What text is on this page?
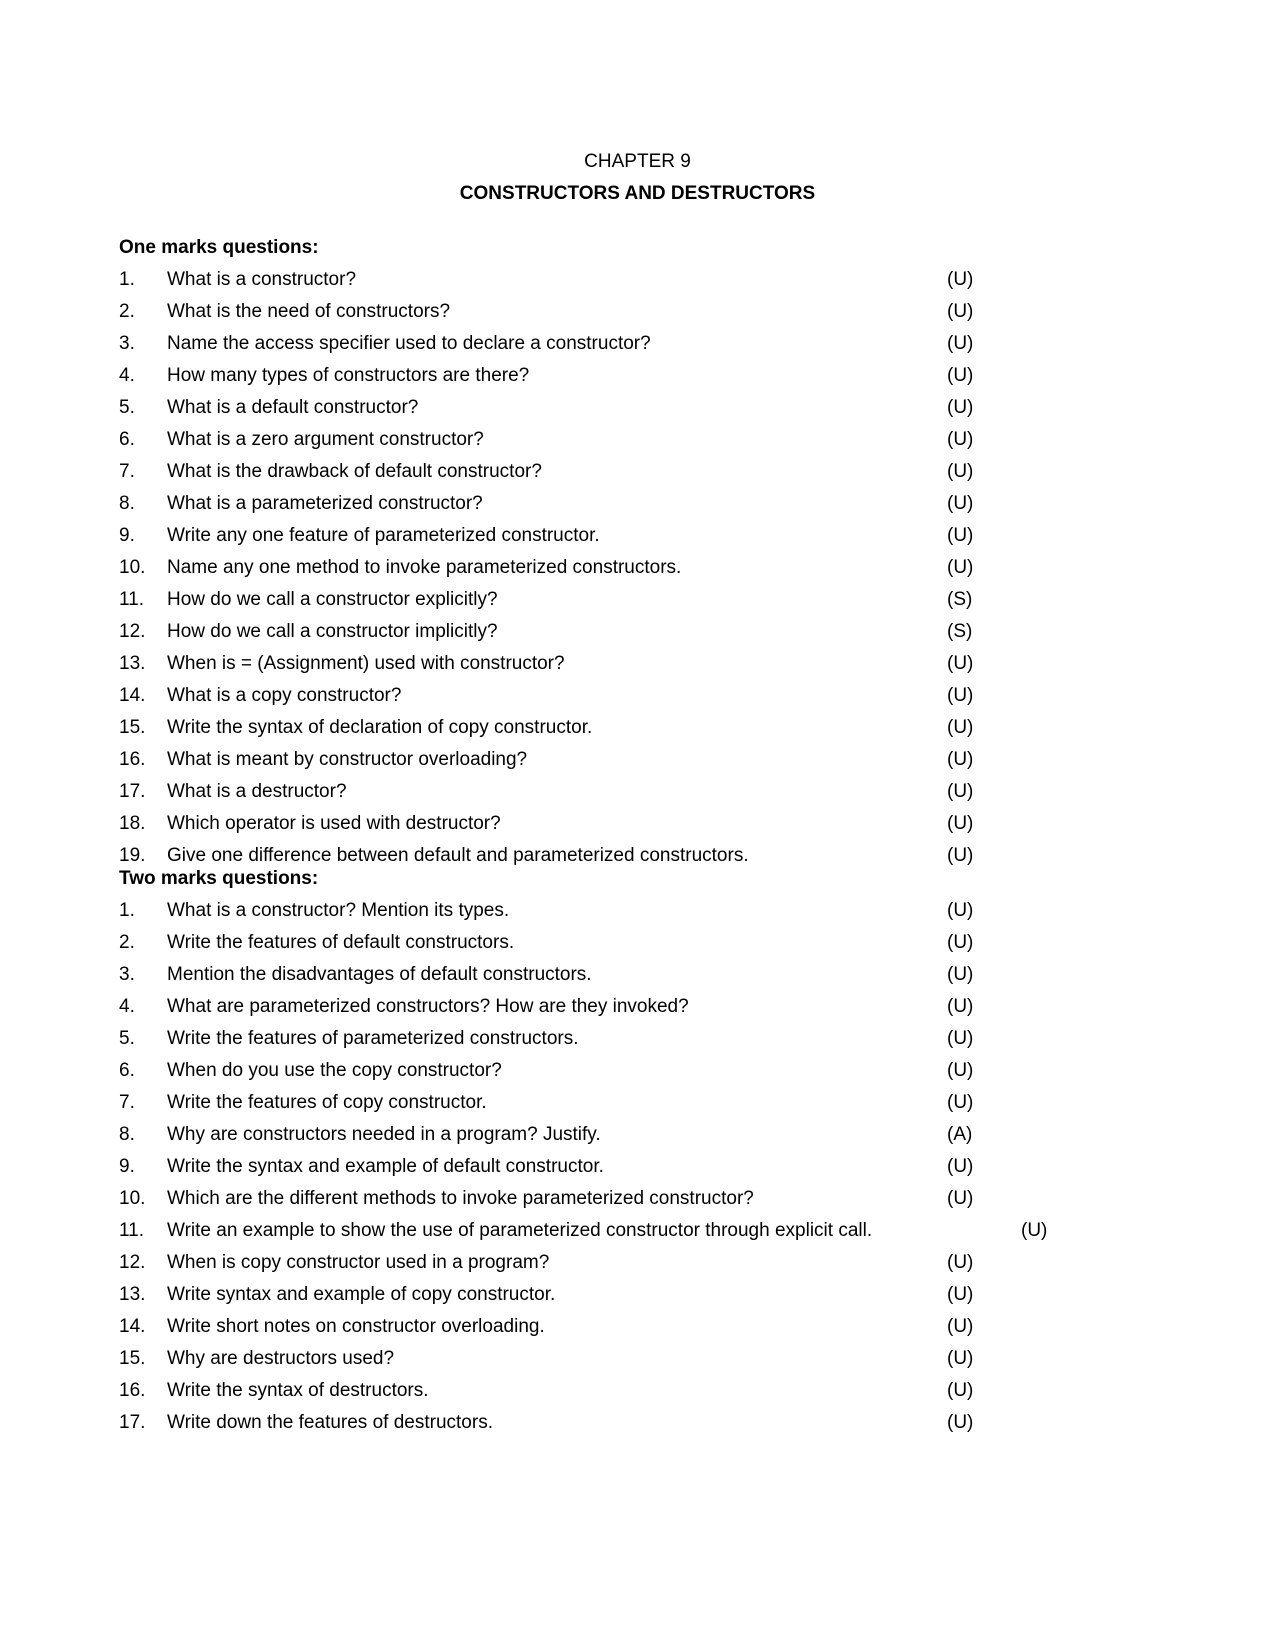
CHAPTER 9
CONSTRUCTORS AND DESTRUCTORS
One marks questions:
1. What is a constructor?	(U)
2. What is the need of constructors?	(U)
3. Name the access specifier used to declare a constructor?	(U)
4. How many types of constructors are there?	(U)
5. What is a default constructor?	(U)
6. What is a zero argument constructor?	(U)
7. What is the drawback of default constructor?	(U)
8. What is a parameterized constructor?	(U)
9. Write any one feature of parameterized constructor.	(U)
10. Name any one method to invoke parameterized constructors.	(U)
11. How do we call a constructor explicitly?	(S)
12. How do we call a constructor implicitly?	(S)
13. When is = (Assignment) used with constructor?	(U)
14. What is a copy constructor?	(U)
15. Write the syntax of declaration of copy constructor.	(U)
16. What is meant by constructor overloading?	(U)
17. What is a destructor?	(U)
18. Which operator is used with destructor?	(U)
19. Give one difference between default and parameterized constructors.	(U)
Two marks questions:
1. What is a constructor? Mention its types.	(U)
2. Write the features of default constructors.	(U)
3. Mention the disadvantages of default constructors.	(U)
4. What are parameterized constructors? How are they invoked?	(U)
5. Write the features of parameterized constructors.	(U)
6. When do you use the copy constructor?	(U)
7. Write the features of copy constructor.	(U)
8. Why are constructors needed in a program? Justify.	(A)
9. Write the syntax and example of default constructor.	(U)
10. Which are the different methods to invoke parameterized constructor?	(U)
11. Write an example to show the use of parameterized constructor through explicit call.	(U)
12. When is copy constructor used in a program?	(U)
13. Write syntax and example of copy constructor.	(U)
14. Write short notes on constructor overloading.	(U)
15. Why are destructors used?	(U)
16. Write the syntax of destructors.	(U)
17. Write down the features of destructors.	(U)
